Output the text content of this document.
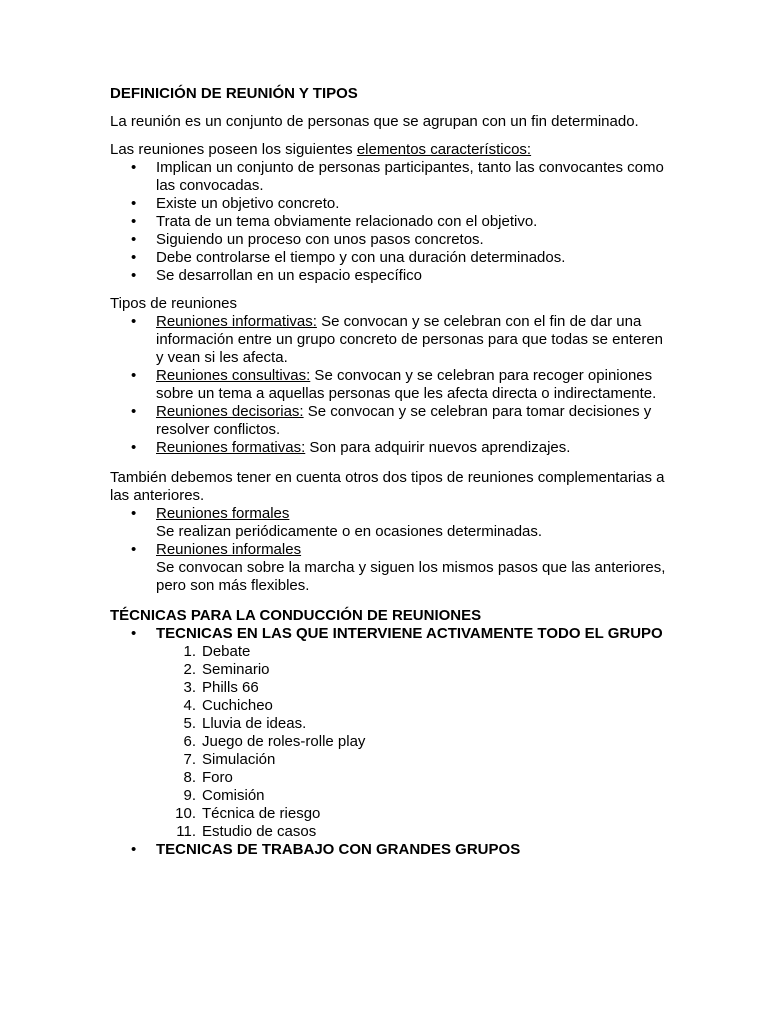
DEFINICIÓN DE REUNIÓN Y TIPOS

La reunión es un conjunto de personas que se agrupan con un fin determinado.

Las reuniones poseen los siguientes elementos característicos:

• Implican un conjunto de personas participantes, tanto las convocantes como las convocadas.
• Existe un objetivo concreto.
• Trata de un tema obviamente relacionado con el objetivo.
• Siguiendo un proceso con unos pasos concretos.
• Debe controlarse el tiempo y con una duración determinados.
• Se desarrollan en un espacio específico

Tipos de reuniones

• Reuniones informativas: Se convocan y se celebran con el fin de dar una información entre un grupo concreto de personas para que todas se enteren y vean si les afecta.
• Reuniones consultivas: Se convocan y se celebran para recoger opiniones sobre un tema a aquellas personas que les afecta directa o indirectamente.
• Reuniones decisorias: Se convocan y se celebran para tomar decisiones y resolver conflictos.
• Reuniones formativas: Son para adquirir nuevos aprendizajes.

También debemos tener en cuenta otros dos tipos de reuniones complementarias a las anteriores.

• Reuniones formales
Se realizan periódicamente o en ocasiones determinadas.
• Reuniones informales
Se convocan sobre la marcha y siguen los mismos pasos que las anteriores, pero son más flexibles.
TÉCNICAS PARA LA CONDUCCIÓN DE REUNIONES
• TECNICAS EN LAS QUE INTERVIENE ACTIVAMENTE TODO EL GRUPO
1. Debate
2. Seminario
3. Phills 66
4. Cuchicheo
5. Lluvia de ideas.
6. Juego de roles-rolle play
7. Simulación
8. Foro
9. Comisión
10. Técnica de riesgo
11. Estudio de casos
• TECNICAS DE TRABAJO CON GRANDES GRUPOS
